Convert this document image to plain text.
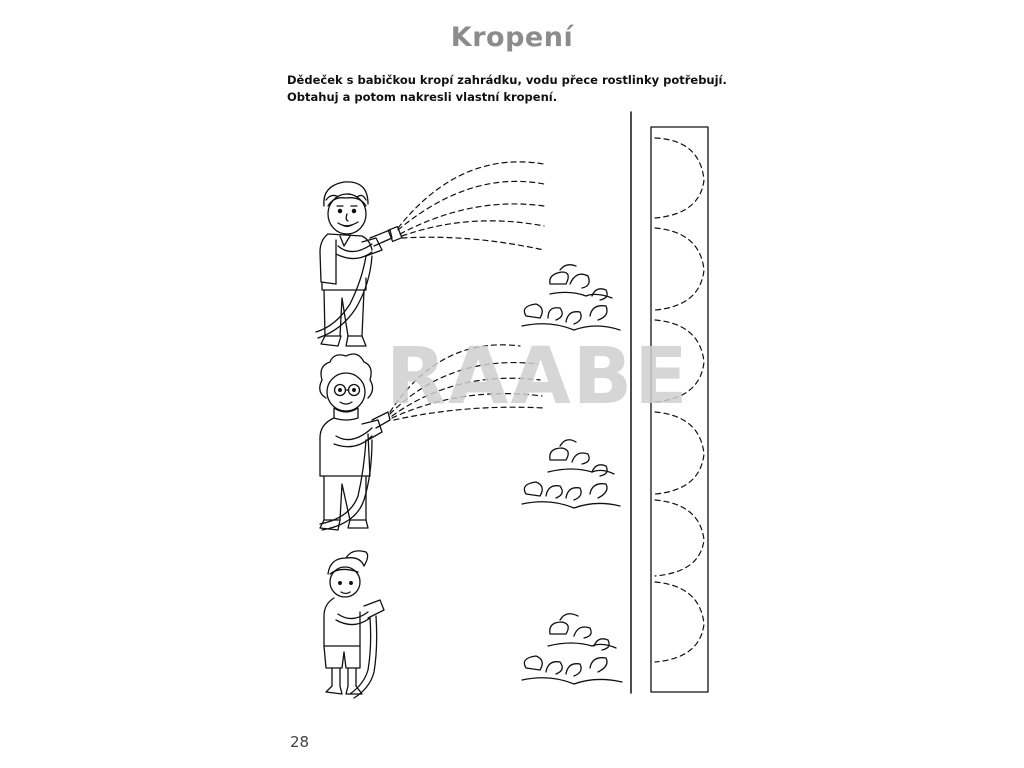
Kropení
Dědeček s babičkou kropí zahrádku, vodu přece rostlinky potřebují.
Obtahuj a potom nakresli vlastní kropení.
RAABE
28
